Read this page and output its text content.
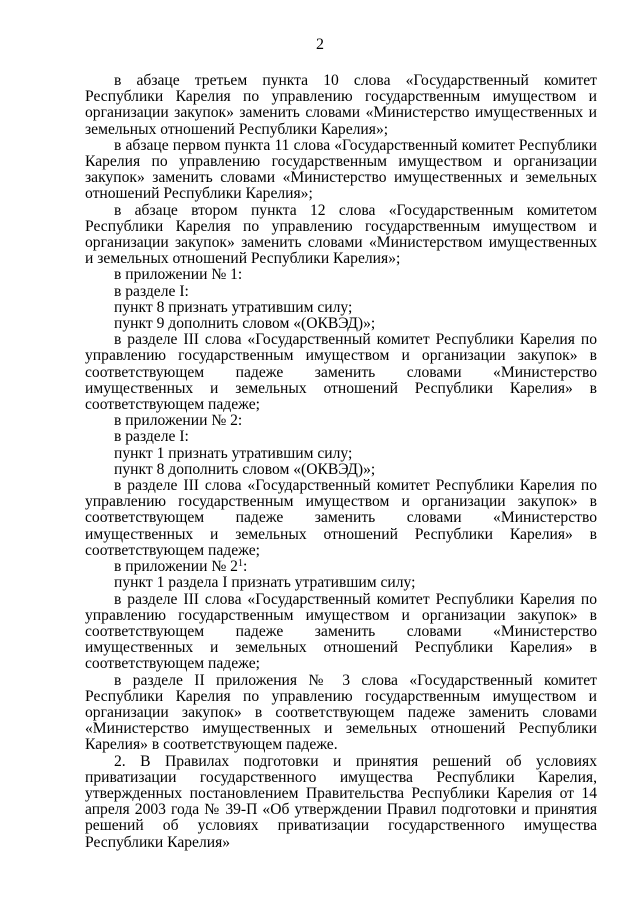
2

в абзаце третьем пункта 10 слова «Государственный комитет Республики Карелия по управлению государственным имуществом и организации закупок» заменить словами «Министерство имущественных и земельных отношений Республики Карелия»;

в абзаце первом пункта 11 слова «Государственный комитет Республики Карелия по управлению государственным имуществом и организации закупок» заменить словами «Министерство имущественных и земельных отношений Республики Карелия»;

в абзаце втором пункта 12 слова «Государственным комитетом Республики Карелия по управлению государственным имуществом и организации закупок» заменить словами «Министерством имущественных и земельных отношений Республики Карелия»;

в приложении № 1:

в разделе I:

пункт 8 признать утратившим силу;

пункт 9 дополнить словом «(ОКВЭД)»;

в разделе III слова «Государственный комитет Республики Карелия по управлению государственным имуществом и организации закупок» в соответствующем падеже заменить словами «Министерство имущественных и земельных отношений Республики Карелия» в соответствующем падеже;

в приложении № 2:

в разделе I:

пункт 1 признать утратившим силу;

пункт 8 дополнить словом «(ОКВЭД)»;

в разделе III слова «Государственный комитет Республики Карелия по управлению государственным имуществом и организации закупок» в соответствующем падеже заменить словами «Министерство имущественных и земельных отношений Республики Карелия» в соответствующем падеже;

в приложении № $2^1$:

пункт 1 раздела I признать утратившим силу;

в разделе III слова «Государственный комитет Республики Карелия по управлению государственным имуществом и организации закупок» в соответствующем падеже заменить словами «Министерство имущественных и земельных отношений Республики Карелия» в соответствующем падеже;

в разделе II приложения № 3 слова «Государственный комитет Республики Карелия по управлению государственным имуществом и организации закупок» в соответствующем падеже заменить словами «Министерство имущественных и земельных отношений Республики Карелия» в соответствующем падеже.

2. В Правилах подготовки и принятия решений об условиях приватизации государственного имущества Республики Карелия, утвержденных постановлением Правительства Республики Карелия от 14 апреля 2003 года № 39-П «Об утверждении Правил подготовки и принятия решений об условиях приватизации государственного имущества Республики Карелия»
